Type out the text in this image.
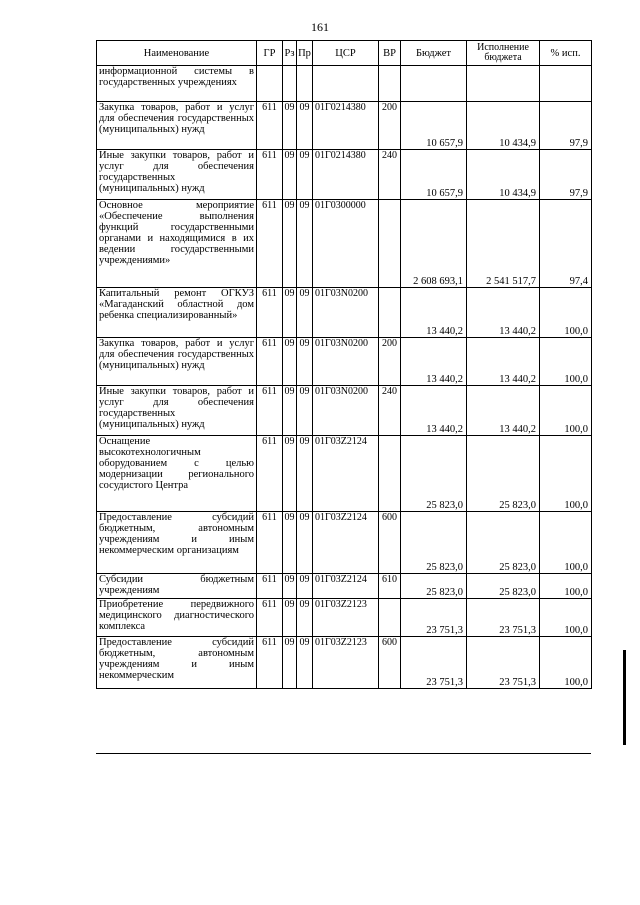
161
Наименование	ГР	Рз	Пр	ЦСР	ВР	Бюджет	Исполнение бюджета	% исп.
информационной системы в государственных учреждениях								
Закупка товаров, работ и услуг для обеспечения государственных (муниципальных) нужд	611	09	09	01Г0214380	200	10 657,9	10 434,9	97,9
Иные закупки товаров, работ и услуг для обеспечения государственных (муниципальных) нужд	611	09	09	01Г0214380	240	10 657,9	10 434,9	97,9
Основное мероприятие «Обеспечение выполнения функций государственными органами и находящимися в их ведении государственными учреждениями»	611	09	09	01Г0300000		2 608 693,1	2 541 517,7	97,4
Капитальный ремонт ОГКУЗ «Магаданский областной дом ребенка специализированный»	611	09	09	01Г03N0200		13 440,2	13 440,2	100,0
Закупка товаров, работ и услуг для обеспечения государственных (муниципальных) нужд	611	09	09	01Г03N0200	200	13 440,2	13 440,2	100,0
Иные закупки товаров, работ и услуг для обеспечения государственных (муниципальных) нужд	611	09	09	01Г03N0200	240	13 440,2	13 440,2	100,0
Оснащение высокотехнологичным оборудованием с целью модернизации регионального сосудистого Центра	611	09	09	01Г03Z2124		25 823,0	25 823,0	100,0
Предоставление субсидий бюджетным, автономным учреждениям и иным некоммерческим организациям	611	09	09	01Г03Z2124	600	25 823,0	25 823,0	100,0
Субсидии бюджетным учреждениям	611	09	09	01Г03Z2124	610	25 823,0	25 823,0	100,0
Приобретение передвижного медицинского диагностического комплекса	611	09	09	01Г03Z2123		23 751,3	23 751,3	100,0
Предоставление субсидий бюджетным, автономным учреждениям и иным некоммерческим	611	09	09	01Г03Z2123	600	23 751,3	23 751,3	100,0
